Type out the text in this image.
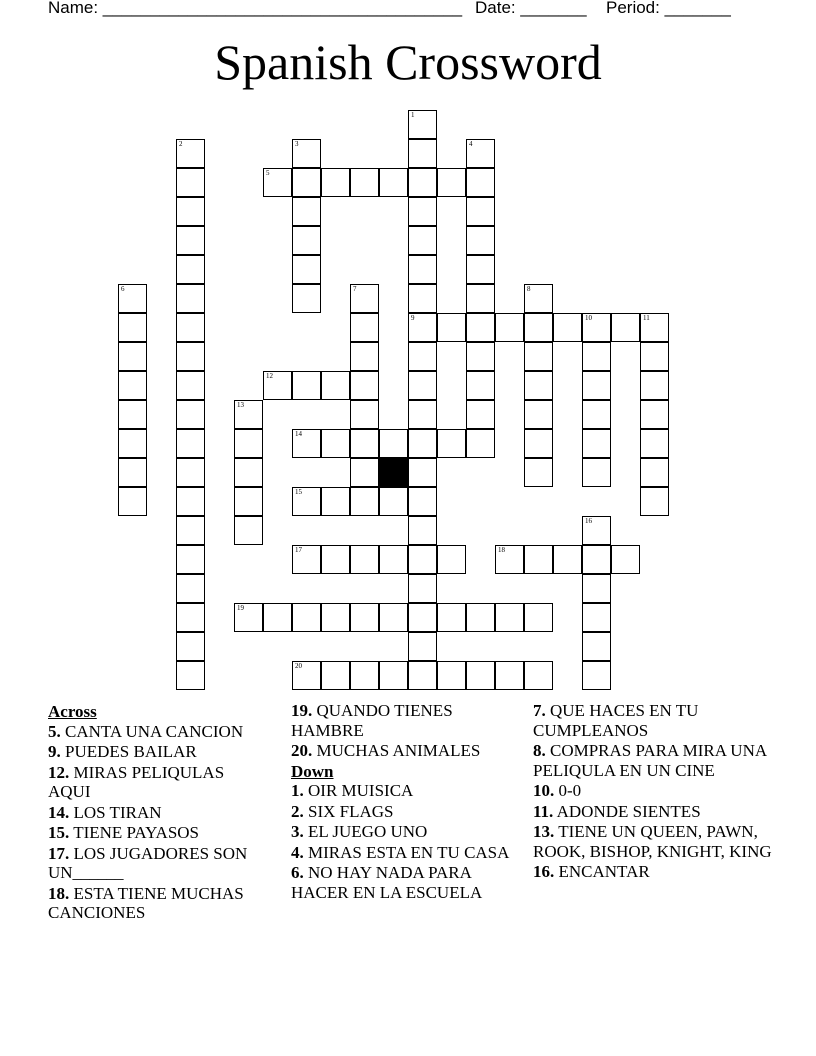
Name: ______________________________________ Date: _______ Period: _______
Spanish Crossword
1
9
2	3	4
5
6	7	8
10	11
12
13
14
15
16
17	18
19
20
Across
5. CANTA UNA CANCION
9. PUEDES BAILAR
12. MIRAS PELIQULAS AQUI
14. LOS TIRAN
15. TIENE PAYASOS
17. LOS JUGADORES SON UN______
18. ESTA TIENE MUCHAS CANCIONES
19. QUANDO TIENES HAMBRE
20. MUCHAS ANIMALES
Down
1. OIR MUISICA
2. SIX FLAGS
3. EL JUEGO UNO
4. MIRAS ESTA EN TU CASA
6. NO HAY NADA PARA HACER EN LA ESCUELA
7. QUE HACES EN TU CUMPLEANOS
8. COMPRAS PARA MIRA UNA PELIQULA EN UN CINE
10. 0-0
11. ADONDE SIENTES
13. TIENE UN QUEEN, PAWN, ROOK, BISHOP, KNIGHT, KING
16. ENCANTAR
